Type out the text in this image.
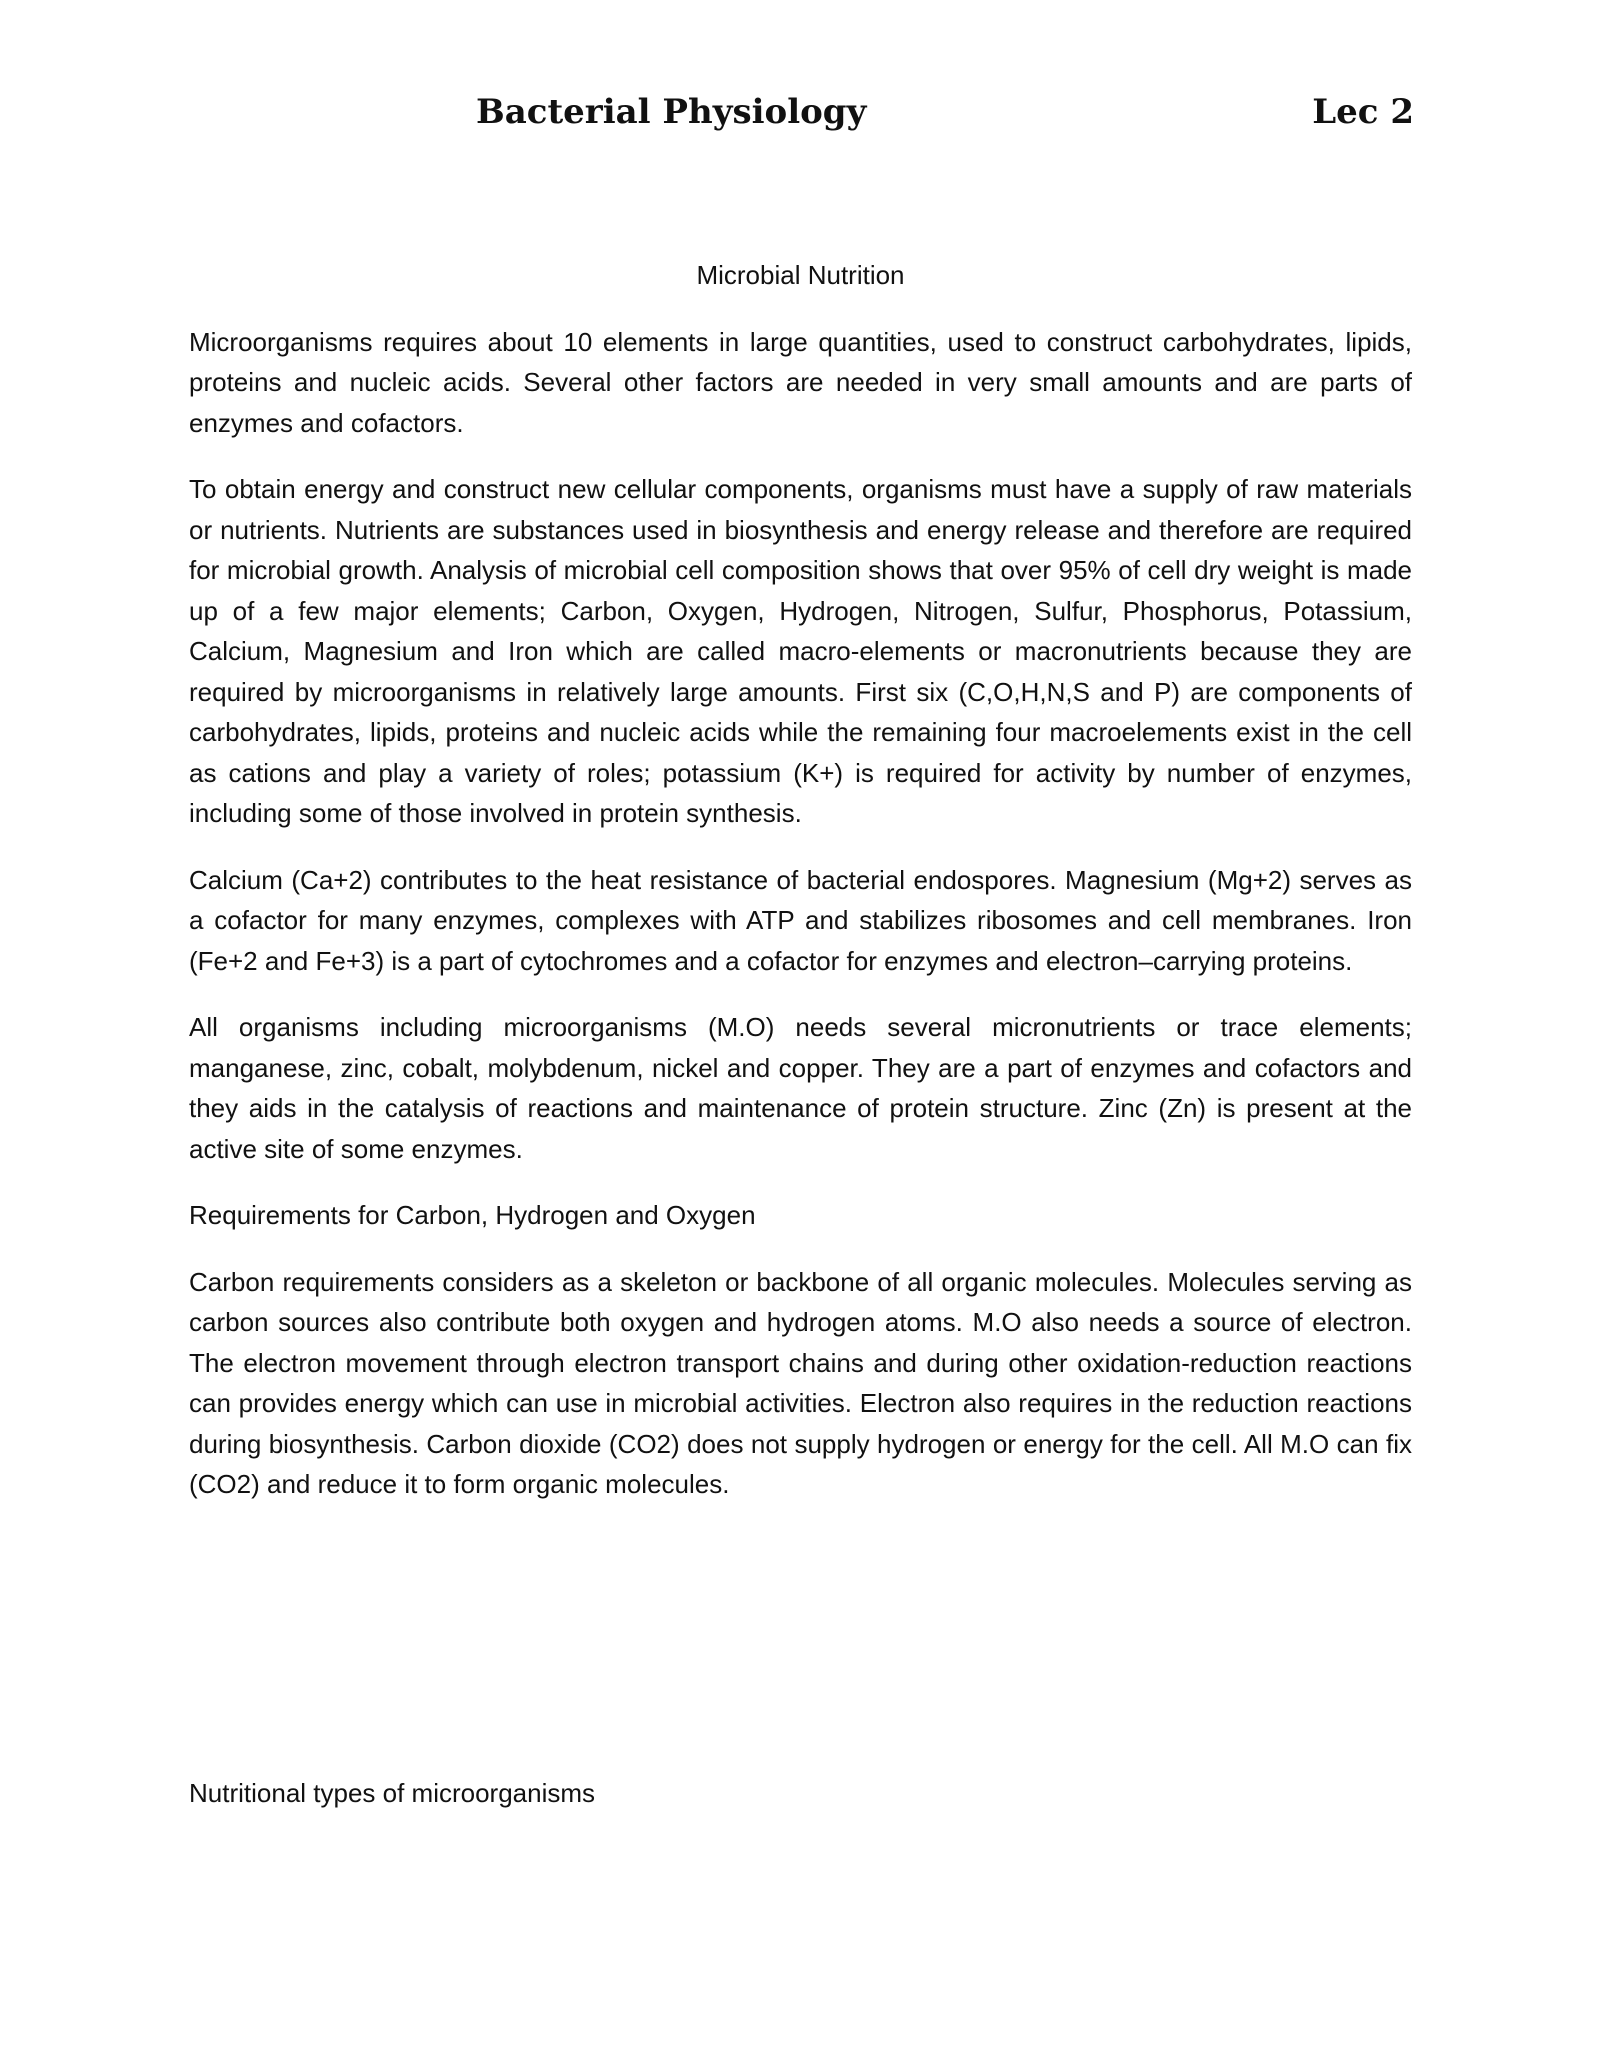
Bacterial Physiology	Lec 2

Microbial Nutrition

Microorganisms requires about 10 elements in large quantities, used to construct carbohydrates, lipids, proteins and nucleic acids. Several other factors are needed in very small amounts and are parts of enzymes and cofactors.

To obtain energy and construct new cellular components, organisms must have a supply of raw materials or nutrients. Nutrients are substances used in biosynthesis and energy release and therefore are required for microbial growth. Analysis of microbial cell composition shows that over 95% of cell dry weight is made up of a few major elements; Carbon, Oxygen, Hydrogen, Nitrogen, Sulfur, Phosphorus, Potassium, Calcium, Magnesium and Iron which are called macro-elements or macronutrients because they are required by microorganisms in relatively large amounts. First six (C,O,H,N,S and P) are components of carbohydrates, lipids, proteins and nucleic acids while the remaining four macroelements exist in the cell as cations and play a variety of roles; potassium (K+) is required for activity by number of enzymes, including some of those involved in protein synthesis.

Calcium (Ca+2) contributes to the heat resistance of bacterial endospores. Magnesium (Mg+2) serves as a cofactor for many enzymes, complexes with ATP and stabilizes ribosomes and cell membranes. Iron (Fe+2 and Fe+3) is a part of cytochromes and a cofactor for enzymes and electron–carrying proteins.

All organisms including microorganisms (M.O) needs several micronutrients or trace elements; manganese, zinc, cobalt, molybdenum, nickel and copper. They are a part of enzymes and cofactors and they aids in the catalysis of reactions and maintenance of protein structure. Zinc (Zn) is present at the active site of some enzymes.

Requirements for Carbon, Hydrogen and Oxygen

Carbon requirements considers as a skeleton or backbone of all organic molecules. Molecules serving as carbon sources also contribute both oxygen and hydrogen atoms. M.O also needs a source of electron. The electron movement through electron transport chains and during other oxidation-reduction reactions can provides energy which can use in microbial activities. Electron also requires in the reduction reactions during biosynthesis. Carbon dioxide (CO2) does not supply hydrogen or energy for the cell. All M.O can fix (CO2) and reduce it to form organic molecules.

Nutritional types of microorganisms
